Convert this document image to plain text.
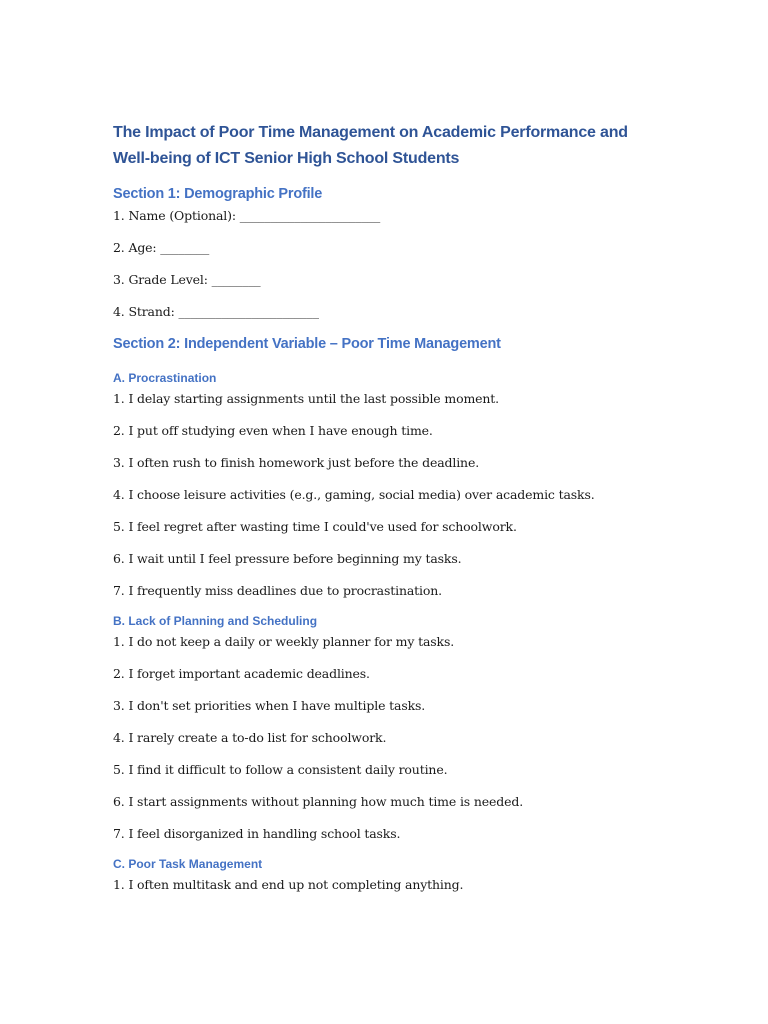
The Impact of Poor Time Management on Academic Performance and
Well-being of ICT Senior High School Students
Section 1: Demographic Profile

1. Name (Optional): _______________________

2. Age: ________

3. Grade Level: ________

4. Strand: _______________________

Section 2: Independent Variable – Poor Time Management
A. Procrastination

1. I delay starting assignments until the last possible moment.

2. I put off studying even when I have enough time.

3. I often rush to finish homework just before the deadline.

4. I choose leisure activities (e.g., gaming, social media) over academic tasks.

5. I feel regret after wasting time I could've used for schoolwork.

6. I wait until I feel pressure before beginning my tasks.

7. I frequently miss deadlines due to procrastination.

B. Lack of Planning and Scheduling

1. I do not keep a daily or weekly planner for my tasks.

2. I forget important academic deadlines.

3. I don't set priorities when I have multiple tasks.

4. I rarely create a to-do list for schoolwork.

5. I find it difficult to follow a consistent daily routine.

6. I start assignments without planning how much time is needed.

7. I feel disorganized in handling school tasks.

C. Poor Task Management

1. I often multitask and end up not completing anything.
